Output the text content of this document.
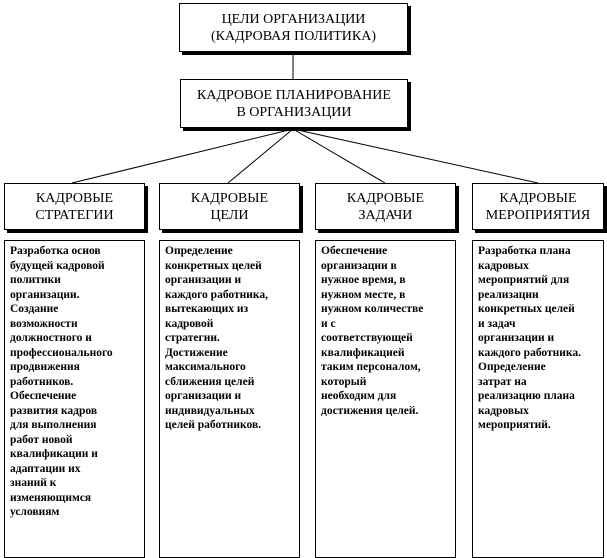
ЦЕЛИ ОРГАНИЗАЦИИ
(КАДРОВАЯ ПОЛИТИКА)
КАДРОВОЕ ПЛАНИРОВАНИЕ
В ОРГАНИЗАЦИИ
КАДРОВЫЕ
СТРАТЕГИИ
КАДРОВЫЕ
ЦЕЛИ
КАДРОВЫЕ
ЗАДАЧИ
КАДРОВЫЕ
МЕРОПРИЯТИЯ
Разработка основ
будущей кадровой
политики
организации.
Создание
возможности
должностного и
профессионального
продвижения
работников.
Обеспечение
развития кадров
для выполнения
работ новой
квалификации и
адаптации их
знаний к
изменяющимся
условиям
Определение
конкретных целей
организации и
каждого работника,
вытекающих из
кадровой
стратегии.
Достижение
максимального
сближения целей
организации и
индивидуальных
целей работников.
Обеспечение
организации в
нужное время, в
нужном месте, в
нужном количестве
и с
соответствующей
квалификацией
таким персоналом,
который
необходим для
достижения целей.
Разработка плана
кадровых
мероприятий для
реализации
конкретных целей
и задач
организации и
каждого работника.
Определение
затрат на
реализацию плана
кадровых
мероприятий.
